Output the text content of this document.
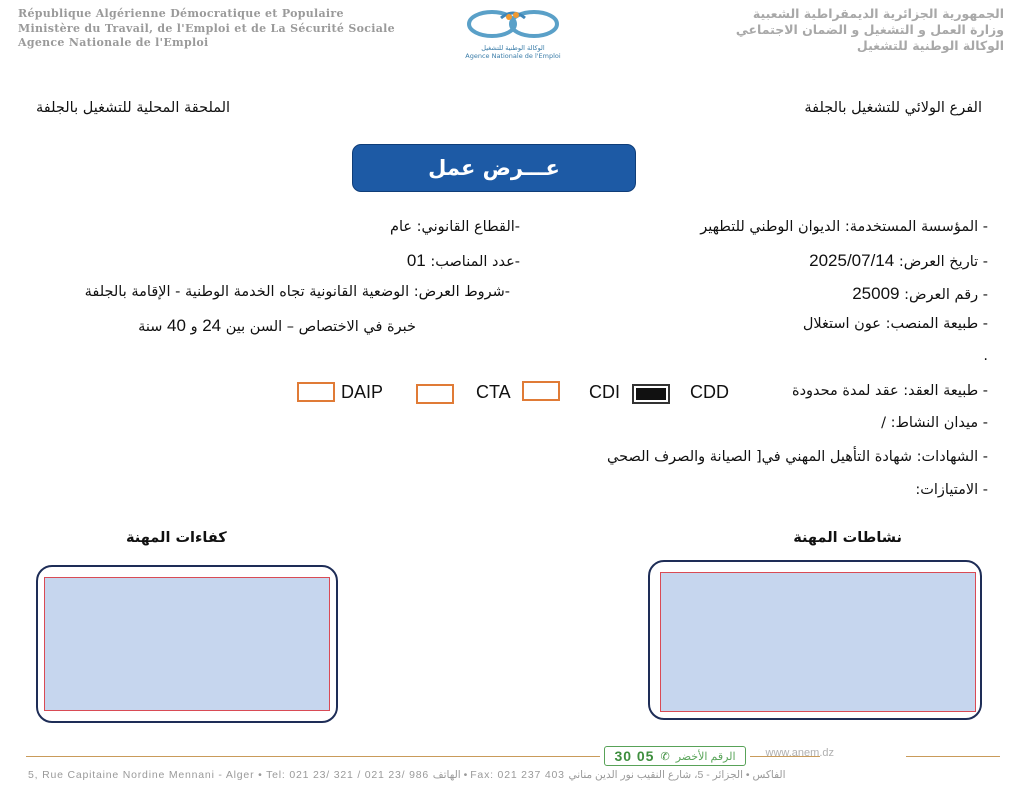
République Algérienne Démocratique et Populaire
Ministère du Travail, de l'Emploi et de La Sécurité Sociale
Agence Nationale de l'Emploi	الوكالة الوطنية للتشغيل
Agence Nationale de l'Emploi
الجمهورية الجزائرية الديمقراطية الشعبية
وزارة العمل و التشغيل و الضمان الاجتماعي
الوكالة الوطنية للتشغيل
الملحقة المحلية للتشغيل بالجلفة	الفرع الولائي للتشغيل بالجلفة
عـــرض عمل
- المؤسسة المستخدمة: الديوان الوطني للتطهير
- تاريخ العرض: 2025/07/14
- رقم العرض: 25009
- طبيعة المنصب: عون استغلال
.
- طبيعة العقد: عقد لمدة محدودة
- ميدان النشاط: /
- الشهادات: شهادة التأهيل المهني في[ الصيانة والصرف الصحي
- الامتيازات:
-القطاع القانوني: عام
-عدد المناصب: 01
-شروط العرض: الوضعية القانونية تجاه الخدمة الوطنية - الإقامة بالجلفة
خبرة في الاختصاص – السن بين 24 و 40 سنة
CDD
CDI
CTA
DAIP
نشاطات المهنة
كفاءات المهنة
30 05 ✆ الرقم الأخضر	www.anem.dz
5, Rue Capitaine Nordine Mennani - Alger • Tel: 021 23/ 321 / 021 23/ 986 الهاتف • Fax: 021 237 403 الفاكس • الجزائر - 5، شارع النقيب نور الدين مناني
